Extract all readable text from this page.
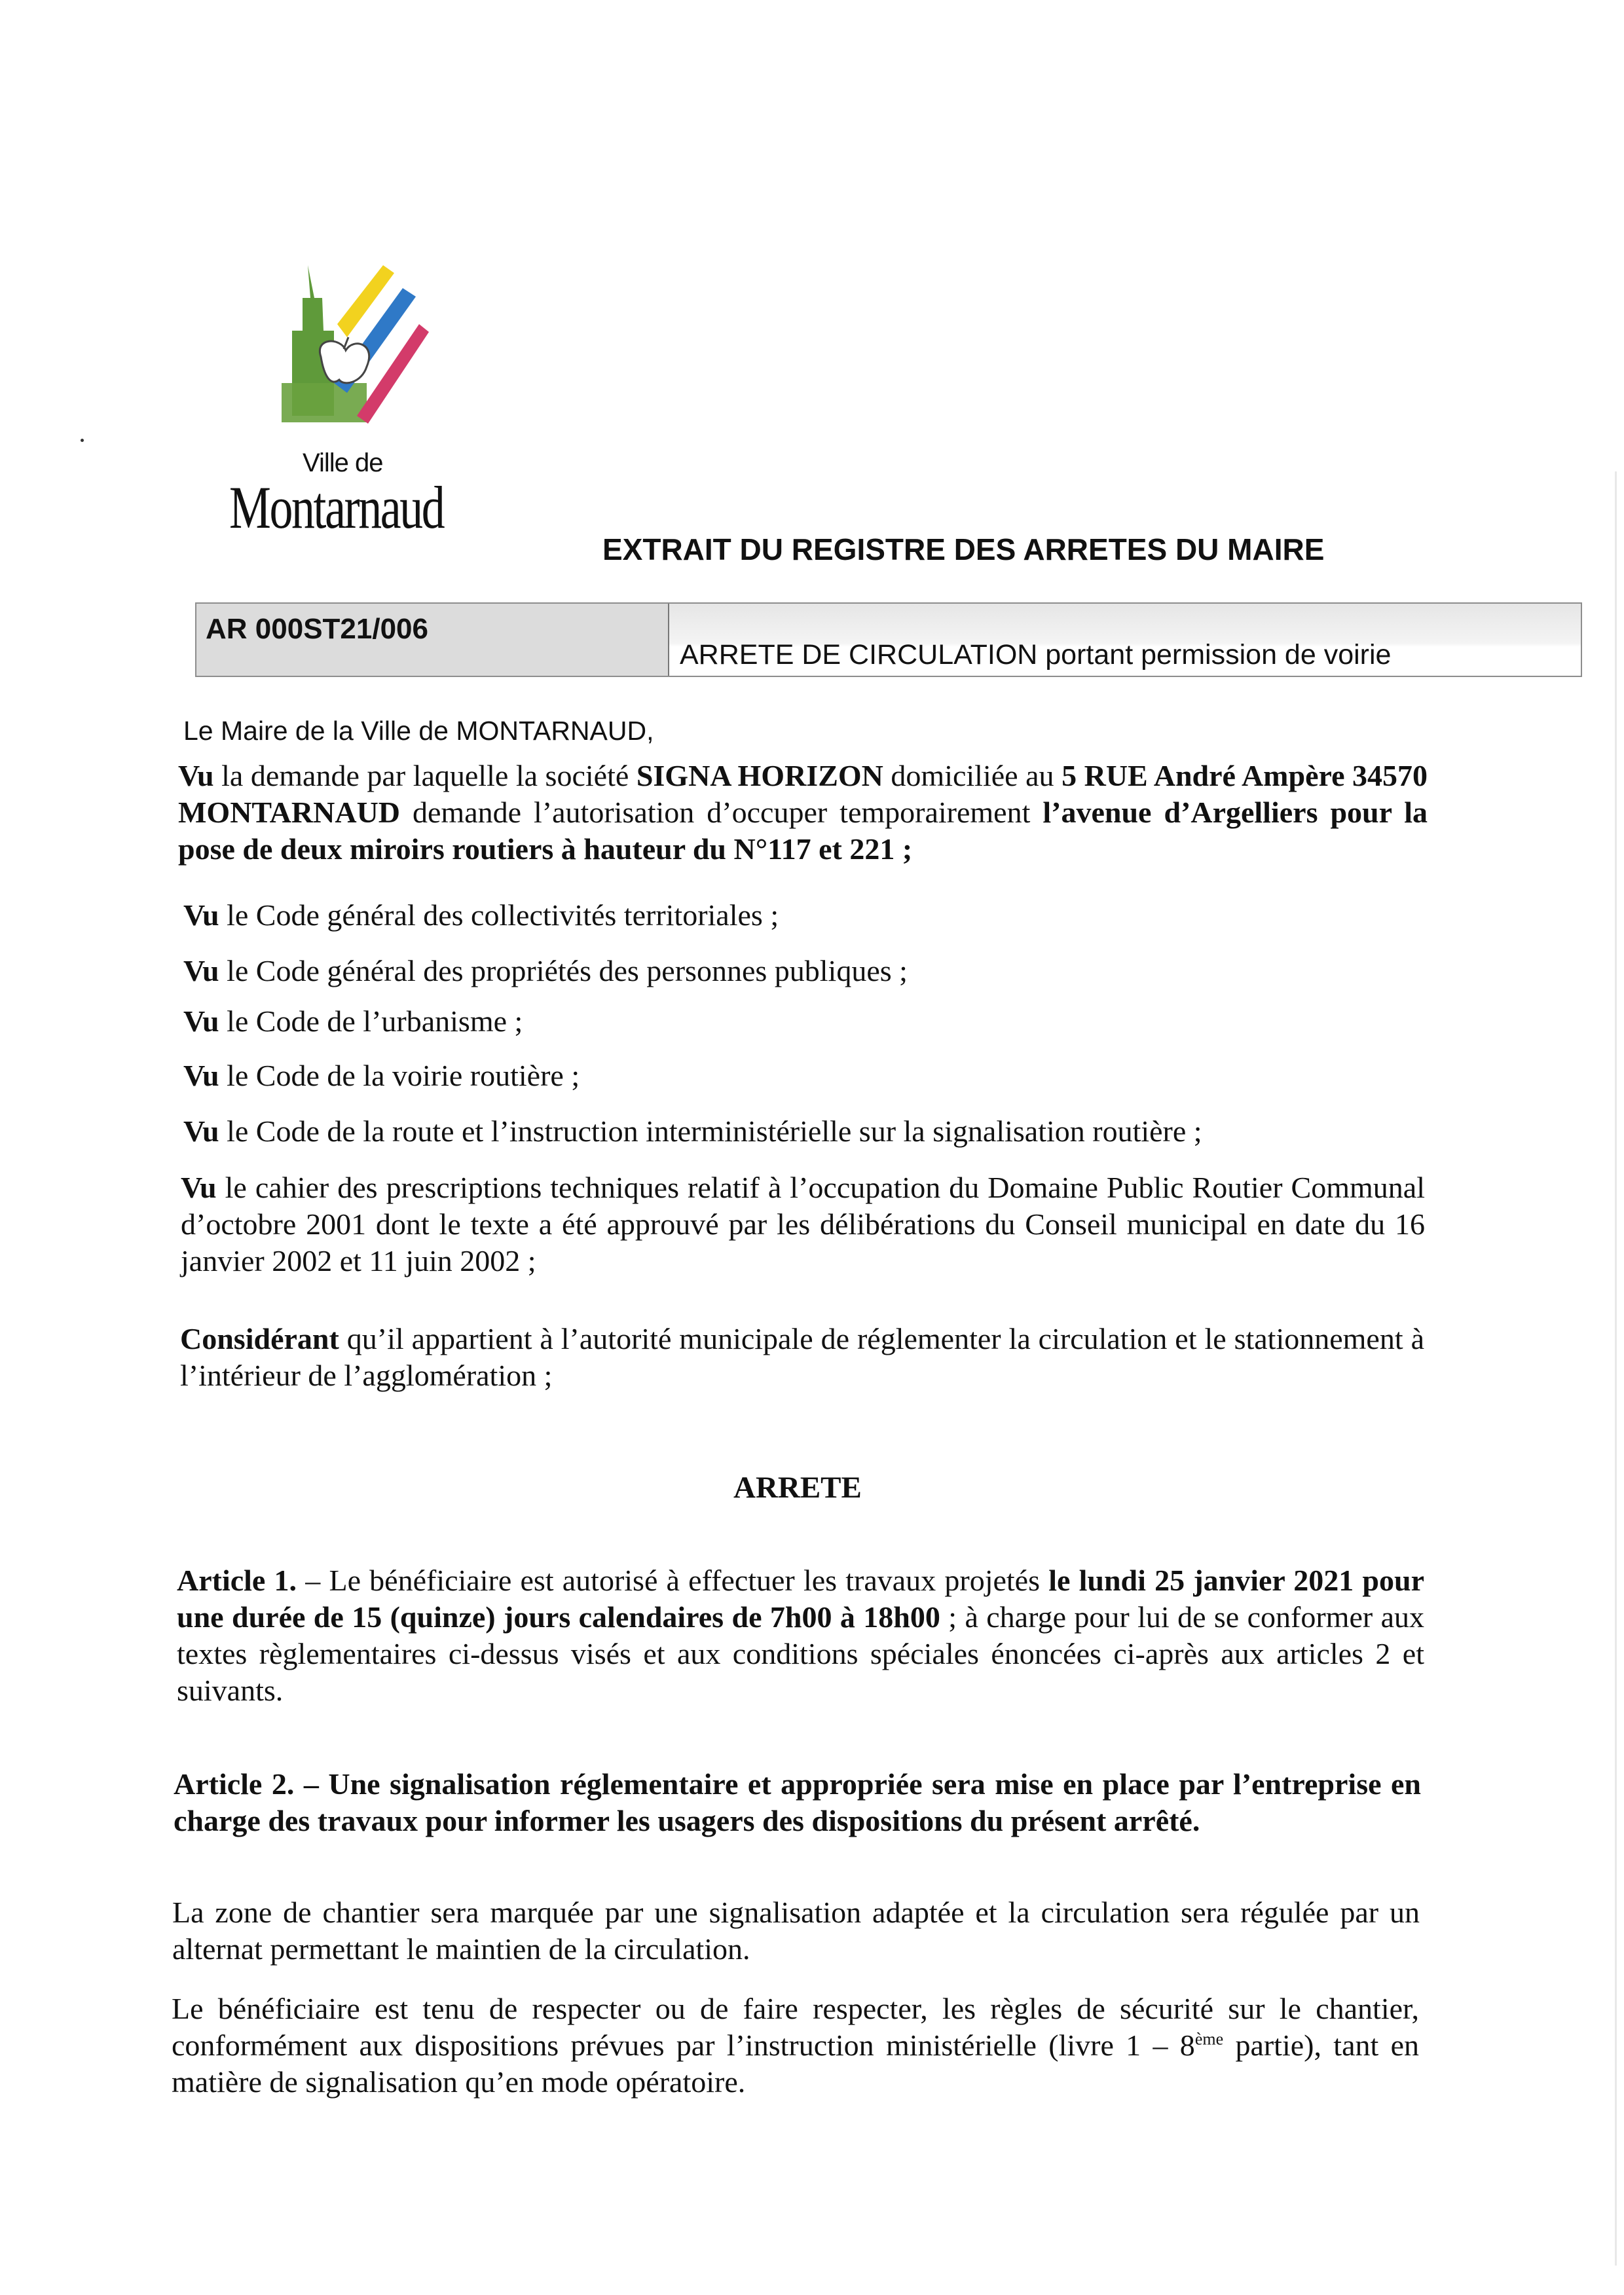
Ville de
Montarnaud
EXTRAIT DU REGISTRE DES ARRETES DU MAIRE
AR 000ST21/006
ARRETE DE CIRCULATION portant permission de voirie
Le Maire de la Ville de MONTARNAUD,
Vu la demande par laquelle la société SIGNA HORIZON domiciliée au 5 RUE André Ampère 34570 MONTARNAUD demande l’autorisation d’occuper temporairement l’avenue d’Argelliers pour la pose de deux miroirs routiers à hauteur du N°117 et 221 ;
Vu le Code général des collectivités territoriales ;
Vu le Code général des propriétés des personnes publiques ;
Vu le Code de l’urbanisme ;
Vu le Code de la voirie routière ;
Vu le Code de la route et l’instruction interministérielle sur la signalisation routière ;
Vu le cahier des prescriptions techniques relatif à l’occupation du Domaine Public Routier Communal d’octobre 2001 dont le texte a été approuvé par les délibérations du Conseil municipal en date du 16 janvier 2002 et 11 juin 2002 ;
Considérant qu’il appartient à l’autorité municipale de réglementer la circulation et le stationnement à l’intérieur de l’agglomération ;
ARRETE
Article 1. – Le bénéficiaire est autorisé à effectuer les travaux projetés le lundi 25 janvier 2021 pour une durée de 15 (quinze) jours calendaires de 7h00 à 18h00 ; à charge pour lui de se conformer aux textes règlementaires ci-dessus visés et aux conditions spéciales énoncées ci-après aux articles 2 et suivants.
Article 2. – Une signalisation réglementaire et appropriée sera mise en place par l’entreprise en charge des travaux pour informer les usagers des dispositions du présent arrêté.
La zone de chantier sera marquée par une signalisation adaptée et la circulation sera régulée par un alternat permettant le maintien de la circulation.
Le bénéficiaire est tenu de respecter ou de faire respecter, les règles de sécurité sur le chantier, conformément aux dispositions prévues par l’instruction ministérielle (livre 1 – 8ème partie), tant en matière de signalisation qu’en mode opératoire.
